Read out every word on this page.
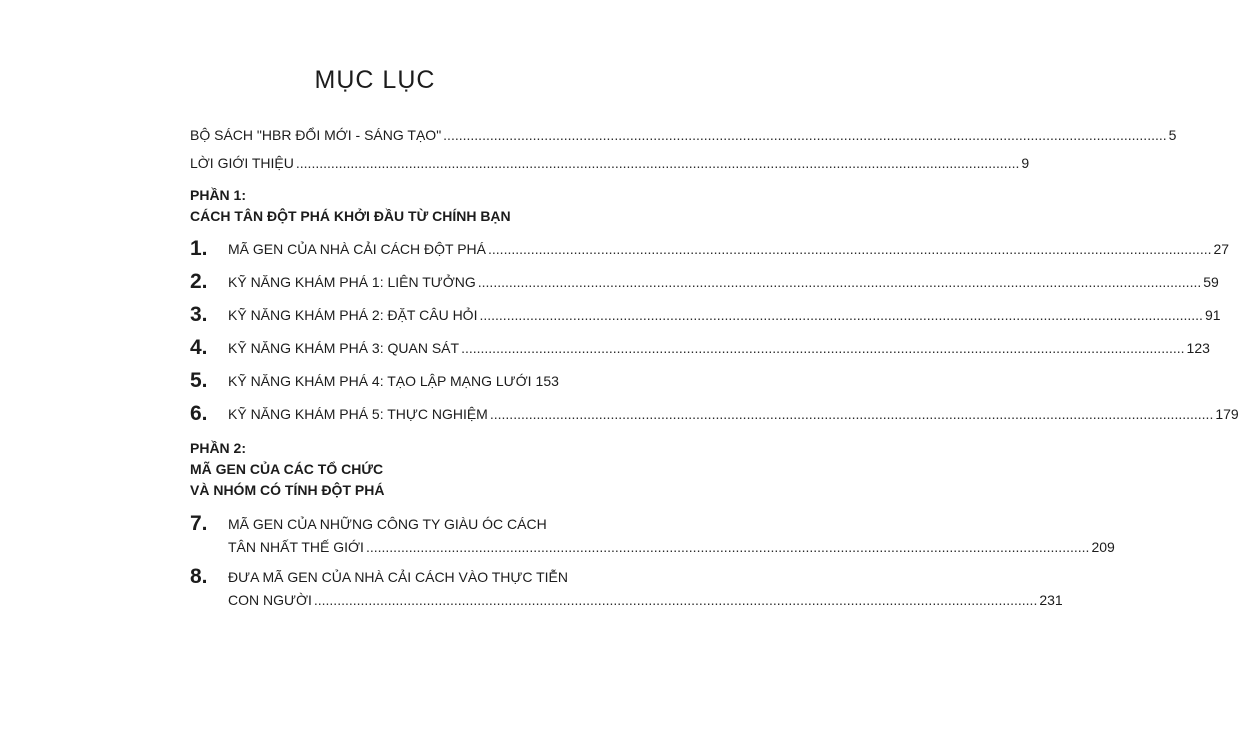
MỤC LỤC
BỘ SÁCH "HBR ĐỔI MỚI - SÁNG TẠO" .....	5
LỜI GIỚI THIỆU .....	9
PHẦN 1:
CÁCH TÂN ĐỘT PHÁ KHỞI ĐẦU TỪ CHÍNH BẠN
1. MÃ GEN CỦA NHÀ CẢI CÁCH ĐỘT PHÁ .....	27
2. KỸ NĂNG KHÁM PHÁ 1: LIÊN TƯỞNG .....	59
3. KỸ NĂNG KHÁM PHÁ 2: ĐẶT CÂU HỎI .....	91
4. KỸ NĂNG KHÁM PHÁ 3: QUAN SÁT .....	123
5. KỸ NĂNG KHÁM PHÁ 4: TẠO LẬP MẠNG LƯỚI 153
6. KỸ NĂNG KHÁM PHÁ 5: THỰC NGHIỆM .....	179
PHẦN 2:
MÃ GEN CỦA CÁC TỔ CHỨC
VÀ NHÓM CÓ TÍNH ĐỘT PHÁ
7. MÃ GEN CỦA NHỮNG CÔNG TY GIÀU ÓC CÁCH
TÂN NHẤT THẾ GIỚI .....	209
8. ĐƯA MÃ GEN CỦA NHÀ CẢI CÁCH VÀO THỰC TIỄN
CON NGƯỜI .....	231
